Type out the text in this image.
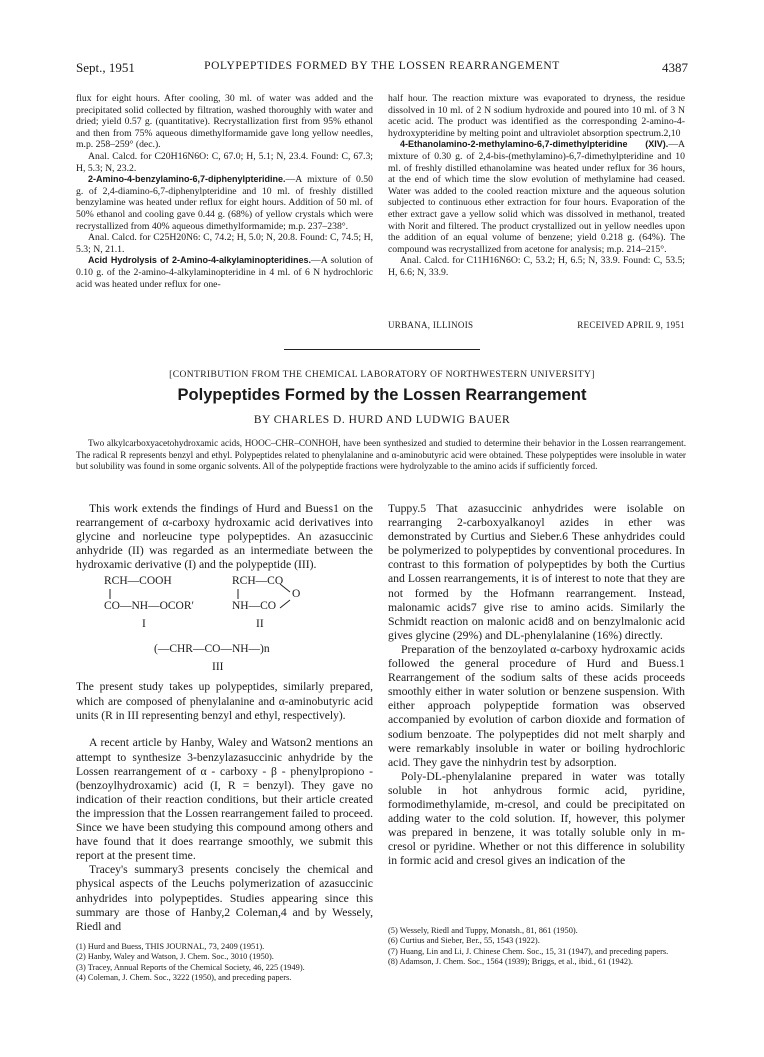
Sept., 1951	POLYPEPTIDES FORMED BY THE LOSSEN REARRANGEMENT	4387

flux for eight hours. After cooling, 30 ml. of water was added and the precipitated solid collected by filtration, washed thoroughly with water and dried; yield 0.57 g. (quantitative). Recrystallization first from 95% ethanol and then from 75% aqueous dimethylformamide gave long yellow needles, m.p. 258–259° (dec.).

Anal. Calcd. for C20H16N6O: C, 67.0; H, 5.1; N, 23.4. Found: C, 67.3; H, 5.3; N, 23.2.

2-Amino-4-benzylamino-6,7-diphenylpteridine.—A mixture of 0.50 g. of 2,4-diamino-6,7-diphenylpteridine and 10 ml. of freshly distilled benzylamine was heated under reflux for eight hours. Addition of 50 ml. of 50% ethanol and cooling gave 0.44 g. (68%) of yellow crystals which were recrystallized from 40% aqueous dimethylformamide; m.p. 237–238°.

Anal. Calcd. for C25H20N6: C, 74.2; H, 5.0; N, 20.8. Found: C, 74.5; H, 5.3; N, 21.1.

Acid Hydrolysis of 2-Amino-4-alkylaminopteridines.—A solution of 0.10 g. of the 2-amino-4-alkylaminopteridine in 4 ml. of 6 N hydrochloric acid was heated under reflux for one-

half hour. The reaction mixture was evaporated to dryness, the residue dissolved in 10 ml. of 2 N sodium hydroxide and poured into 10 ml. of 3 N acetic acid. The product was identified as the corresponding 2-amino-4-hydroxypteridine by melting point and ultraviolet absorption spectrum.2,10

4-Ethanolamino-2-methylamino-6,7-dimethylpteridine (XIV).—A mixture of 0.30 g. of 2,4-bis-(methylamino)-6,7-dimethylpteridine and 10 ml. of freshly distilled ethanolamine was heated under reflux for 36 hours, at the end of which time the slow evolution of methylamine had ceased. Water was added to the cooled reaction mixture and the aqueous solution subjected to continuous ether extraction for four hours. Evaporation of the ether extract gave a yellow solid which was dissolved in methanol, treated with Norit and filtered. The product crystallized out in yellow needles upon the addition of an equal volume of benzene; yield 0.218 g. (64%). The compound was recrystallized from acetone for analysis; m.p. 214–215°.

Anal. Calcd. for C11H16N6O: C, 53.2; H, 6.5; N, 33.9. Found: C, 53.5; H, 6.6; N, 33.9.

URBANA, ILLINOIS	RECEIVED APRIL 9, 1951
[CONTRIBUTION FROM THE CHEMICAL LABORATORY OF NORTHWESTERN UNIVERSITY]
Polypeptides Formed by the Lossen Rearrangement
BY CHARLES D. HURD AND LUDWIG BAUER
Two alkylcarboxyacetohydroxamic acids, HOOC–CHR–CONHOH, have been synthesized and studied to determine their behavior in the Lossen rearrangement. The radical R represents benzyl and ethyl. Polypeptides related to phenylalanine and α-aminobutyric acid were obtained. These polypeptides were insoluble in water but solubility was found in some organic solvents. All of the polypeptide fractions were hydrolyzable to the amino acids if sufficiently forced.

This work extends the findings of Hurd and Buess1 on the rearrangement of α-carboxy hydroxamic acid derivatives into glycine and norleucine type polypeptides. An azasuccinic anhydride (II) was regarded as an intermediate between the hydroxamic derivative (I) and the polypeptide (III).

RCH—COOH
CO—NH—OCOR′
I
RCH—CO
NH—CO
O
II
(—CHR—CO—NH—)n
III

The present study takes up polypeptides, similarly prepared, which are composed of phenylalanine and α-aminobutyric acid units (R in III representing benzyl and ethyl, respectively).

A recent article by Hanby, Waley and Watson2 mentions an attempt to synthesize 3-benzylazasuccinic anhydride by the Lossen rearrangement of α - carboxy - β - phenylpropiono - (benzoylhydroxamic) acid (I, R = benzyl). They gave no indication of their reaction conditions, but their article created the impression that the Lossen rearrangement failed to proceed. Since we have been studying this compound among others and have found that it does rearrange smoothly, we submit this report at the present time.

Tracey's summary3 presents concisely the chemical and physical aspects of the Leuchs polymerization of azasuccinic anhydrides into polypeptides. Studies appearing since this summary are those of Hanby,2 Coleman,4 and by Wessely, Riedl and

(1) Hurd and Buess, THIS JOURNAL, 73, 2409 (1951).
(2) Hanby, Waley and Watson, J. Chem. Soc., 3010 (1950).
(3) Tracey, Annual Reports of the Chemical Society, 46, 225 (1949).
(4) Coleman, J. Chem. Soc., 3222 (1950), and preceding papers.

Tuppy.5 That azasuccinic anhydrides were isolable on rearranging 2-carboxyalkanoyl azides in ether was demonstrated by Curtius and Sieber.6 These anhydrides could be polymerized to polypeptides by conventional procedures. In contrast to this formation of polypeptides by both the Curtius and Lossen rearrangements, it is of interest to note that they are not formed by the Hofmann rearrangement. Instead, malonamic acids7 give rise to amino acids. Similarly the Schmidt reaction on malonic acid8 and on benzylmalonic acid gives glycine (29%) and DL-phenylalanine (16%) directly.

Preparation of the benzoylated α-carboxy hydroxamic acids followed the general procedure of Hurd and Buess.1 Rearrangement of the sodium salts of these acids proceeds smoothly either in water solution or benzene suspension. With either approach polypeptide formation was observed accompanied by evolution of carbon dioxide and formation of sodium benzoate. The polypeptides did not melt sharply and were remarkably insoluble in water or boiling hydrochloric acid. They gave the ninhydrin test by adsorption.

Poly-DL-phenylalanine prepared in water was totally soluble in hot anhydrous formic acid, pyridine, formodimethylamide, m-cresol, and could be precipitated on adding water to the cold solution. If, however, this polymer was prepared in benzene, it was totally soluble only in m-cresol or pyridine. Whether or not this difference in solubility in formic acid and cresol gives an indication of the

(5) Wessely, Riedl and Tuppy, Monatsh., 81, 861 (1950).
(6) Curtius and Sieber, Ber., 55, 1543 (1922).
(7) Huang, Lin and Li, J. Chinese Chem. Soc., 15, 31 (1947), and preceding papers.
(8) Adamson, J. Chem. Soc., 1564 (1939); Briggs, et al., ibid., 61 (1942).
